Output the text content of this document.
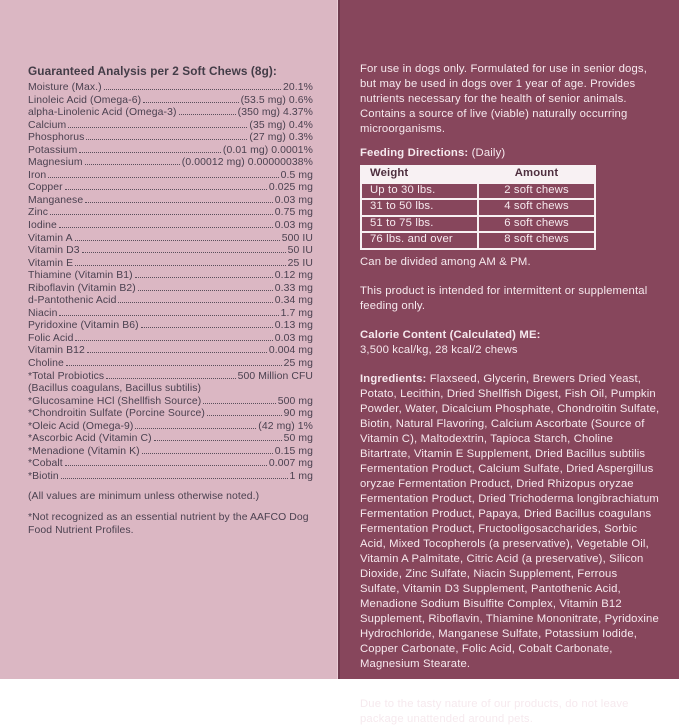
Guaranteed Analysis per 2 Soft Chews (8g):
Moisture (Max.)	20.1%
Linoleic Acid (Omega-6)	(53.5 mg) 0.6%
alpha-Linolenic Acid (Omega-3)	(350 mg) 4.37%
Calcium	(35 mg) 0.4%
Phosphorus	(27 mg) 0.3%
Potassium	(0.01 mg) 0.0001%
Magnesium	(0.00012 mg) 0.00000038%
Iron	0.5 mg
Copper	0.025 mg
Manganese	0.03 mg
Zinc	0.75 mg
Iodine	0.03 mg
Vitamin A	500 IU
Vitamin D3	50 IU
Vitamin E	25 IU
Thiamine (Vitamin B1)	0.12 mg
Riboflavin (Vitamin B2)	0.33 mg
d-Pantothenic Acid	0.34 mg
Niacin	1.7 mg
Pyridoxine (Vitamin B6)	0.13 mg
Folic Acid	0.03 mg
Vitamin B12	0.004 mg
Choline	25 mg
*Total Probiotics	500 Million CFU
(Bacillus coagulans, Bacillus subtilis)
*Glucosamine HCl (Shellfish Source)	500 mg
*Chondroitin Sulfate (Porcine Source)	90 mg
*Oleic Acid (Omega-9)	(42 mg) 1%
*Ascorbic Acid (Vitamin C)	50 mg
*Menadione (Vitamin K)	0.15 mg
*Cobalt	0.007 mg
*Biotin	1 mg
(All values are minimum unless otherwise noted.)
*Not recognized as an essential nutrient by the AAFCO Dog Food Nutrient Profiles.

For use in dogs only. Formulated for use in senior dogs, but may be used in dogs over 1 year of age. Provides nutrients necessary for the health of senior animals. Contains a source of live (viable) naturally occurring microorganisms.

Feeding Directions: (Daily)
Weight	Amount
Up to 30 lbs.	2 soft chews
31 to 50 lbs.	4 soft chews
51 to 75 lbs.	6 soft chews
76 lbs. and over	8 soft chews

Can be divided among AM & PM.

This product is intended for intermittent or supplemental feeding only.

Calorie Content (Calculated) ME:
3,500 kcal/kg, 28 kcal/2 chews

Ingredients: Flaxseed, Glycerin, Brewers Dried Yeast, Potato, Lecithin, Dried Shellfish Digest, Fish Oil, Pumpkin Powder, Water, Dicalcium Phosphate, Chondroitin Sulfate, Biotin, Natural Flavoring, Calcium Ascorbate (Source of Vitamin C), Maltodextrin, Tapioca Starch, Choline Bitartrate, Vitamin E Supplement, Dried Bacillus subtilis Fermentation Product, Calcium Sulfate, Dried Aspergillus oryzae Fermentation Product, Dried Rhizopus oryzae Fermentation Product, Dried Trichoderma longibrachiatum Fermentation Product, Papaya, Dried Bacillus coagulans Fermentation Product, Fructooligosaccharides, Sorbic Acid, Mixed Tocopherols (a preservative), Vegetable Oil, Vitamin A Palmitate, Citric Acid (a preservative), Silicon Dioxide, Zinc Sulfate, Niacin Supplement, Ferrous Sulfate, Vitamin D3 Supplement, Pantothenic Acid, Menadione Sodium Bisulfite Complex, Vitamin B12 Supplement, Riboflavin, Thiamine Mononitrate, Pyridoxine Hydrochloride, Manganese Sulfate, Potassium Iodide, Copper Carbonate, Folic Acid, Cobalt Carbonate, Magnesium Stearate.

Due to the tasty nature of our products, do not leave package unattended around pets.
